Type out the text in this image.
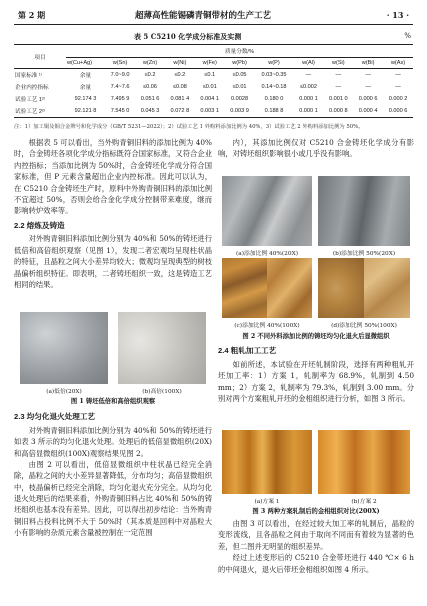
第 2 期	超薄高性能锡磷青铜带材的生产工艺	· 13 ·
表 5 C5210 化学成分标准及实测	%
项目	质量分数/%										
	w(Cu+Ag)	w(Sn)	w(Zn)	w(Ni)	w(Fe)	w(Pb)	w(P)	w(Al)	w(Si)	w(Bi)	w(As)
国家标准 ¹⁾	余量	7.0~9.0	≤0.2	≤0.2	≤0.1	≤0.05	0.03~0.35	—	—	—	—
企业内控指标	余量	7.4~7.6	≤0.06	≤0.08	≤0.01	≤0.01	0.14~0.18	≤0.002	—	—	—
试验工艺 1²⁾	92.174 3	7.495 9	0.051 6	0.081 4	0.004 1	0.0028	0.180 0	0.000 1	0.001 0	0.000 6	0.000 2
试验工艺 2²⁾	92.121 8	7.545 0	0.045 3	0.072 8	0.003 1	0.003 9	0.188 8	0.000 1	0.000 8	0.000 4	0.000 6
注：1）加工铜及铜合金牌号和化学成分（GB/T 5231—2022）；2）试验工艺 1 外购料添加比例为 40%，3）试验工艺 2 外购料添加比例为 50%。

根据表 5 可以看出，当外购青铜旧料的添加比例为 40%时，合金铸坯各项化学成分指标既符合国家标准，又符合企业内控指标；当添加比例为 50%时，合金铸坯化学成分符合国家标准，但 P 元素含量超出企业内控标准。因此可以认为，在 C5210 合金铸坯生产时，原料中外购青铜旧料的添加比例不宜超过 50%，否则会给合金化学成分控制带来难度，继而影响转炉效率等。

2.2 熔炼及铸造

对外购青铜旧料添加比例分别为 40%和 50%的铸坯进行低倍和高倍组织观察（见图 1），发现二者宏观均呈现柱状晶的特征，且晶粒之间大小差异均较大；微观均呈现典型的树枝晶偏析组织特征。即表明，二者铸坯组织一致，这是铸造工艺相同的结果。

(a)低倍(20X)	(b)高倍(100X)
图 1 铸坯低倍和高倍组织观察
2.3 均匀化退火处理工艺

对外购青铜旧料添加比例分别为 40%和 50%的铸坯进行如表 3 所示的均匀化退火处理。处理后的低倍显微组织(20X)和高倍显微组织(100X)观察结果见图 2。

由图 2 可以看出，低倍显微组织中柱状晶已经完全消除，晶粒之间的大小差异显著降低，分布均匀；高倍显微组织中，枝晶偏析已经完全消除，均匀化退火充分完全。从均匀化退火处理后的结果来看，外购青铜旧料占比 40%和 50%的铸坯组织也基本没有差异。因此，可以得出初步结论：当外购青铜旧料占投料比例不大于 50%时（其本质是回料中对晶粒大小有影响的杂质元素含量被控制在一定范围

内），其添加比例仅对 C5210 合金铸坯化学成分有影响，对铸坯组织影响很小或几乎没有影响。

(a)添加比例 40%(20X)	(b)添加比例 50%(20X)
(c)添加比例 40%(100X)	(d)添加比例 50%(100X)
图 2 不同外料添加比例的铸坯均匀化退火后显微组织
2.4 粗轧加工工艺

如前所述，本试验在开坯轧制阶段，选择有两种粗轧开坯加工率：1）方案 1，轧制率为 68.9%，轧制到 4.50 mm；2）方案 2，轧制率为 79.3%，轧制到 3.00 mm。分别对两个方案粗轧开坯的金相组织进行分析，如图 3 所示。

(a)方案 1	(b)方案 2
图 3 两种方案轧制后的金相组织对比(200X)

由图 3 可以看出，在经过较大加工率的轧制后，晶粒的变形流线，且各晶粒之间由于取向不同而有着较为显著的色差，但二图并无明显的组织差异。

经过上述变形后的 C5210 合金带坯进行 440 ℃× 6 h 的中间退火，退火后带坯金相组织如图 4 所示。
